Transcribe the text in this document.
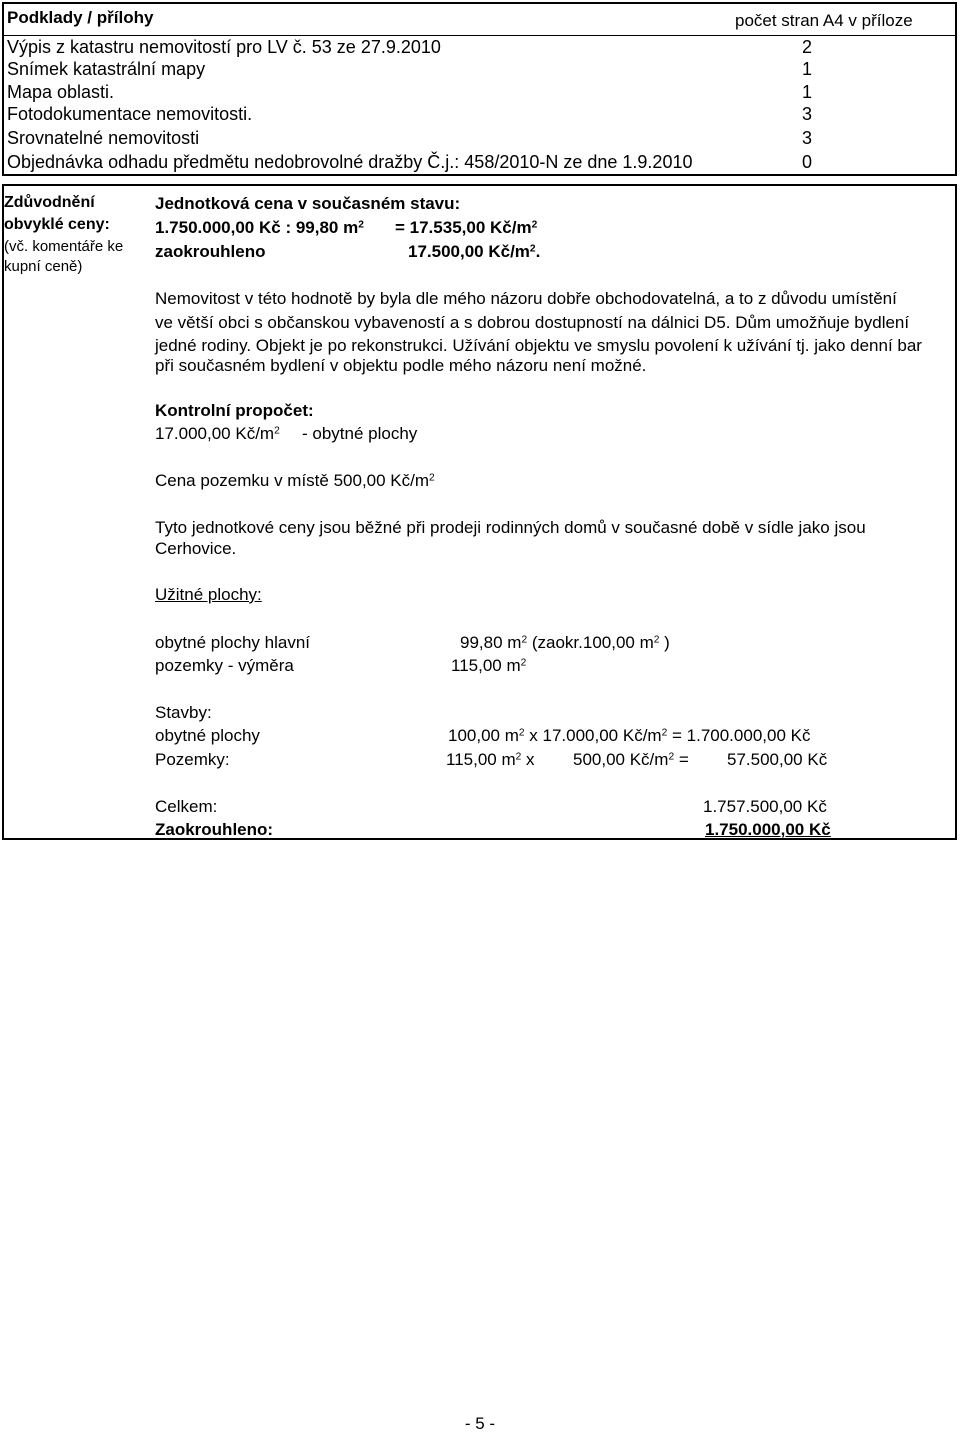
Podklady / přílohy	počet stran A4 v příloze
Výpis z katastru nemovitostí pro LV č. 53 ze 27.9.2010	2
Snímek katastrální mapy	1
Mapa oblasti.	1
Fotodokumentace nemovitosti.	3
Srovnatelné nemovitosti	3
Objednávka odhadu předmětu nedobrovolné dražby Č.j.: 458/2010-N ze dne 1.9.2010	0
Zdůvodnění
obvyklé ceny:
(vč. komentáře ke
kupní ceně)
Jednotková cena v současném stavu:
1.750.000,00 Kč : 99,80 $m^2 = 17.535,00$ $Kč/m^2$
zaokrouhleno	17.500,00 $Kč/m^2$.
Nemovitost v této hodnotě by byla dle mého názoru dobře obchodovatelná, a to z důvodu umístění
ve větší obci s občanskou vybaveností a s dobrou dostupností na dálnici D5. Dům umožňuje bydlení
jedné rodiny. Objekt je po rekonstrukci. Užívání objektu ve smyslu povolení k užívání tj. jako denní bar
při současném bydlení v objektu podle mého názoru není možné.
Kontrolní propočet:
17.000,00 $Kč/m^2$ - obytné plochy
Cena pozemku v místě 500,00 $Kč/m^2$
Tyto jednotkové ceny jsou běžné při prodeji rodinných domů v současné době v sídle jako jsou
Cerhovice.
Užitné plochy:
obytné plochy hlavní	99,80 $m^2$ (zaokr.100,00 $m^2$ )
pozemky - výměra	115,00 $m^2$
Stavby:
obytné plochy	100,00 $m^2$ x 17.000,00 $Kč/m^2 = 1.700.000,00$ Kč
Pozemky:	115,00 $m^2$ x 500,00 $Kč/m^2 = 57.500,00$ Kč
Celkem:	1.757.500,00 Kč
Zaokrouhleno:	1.750.000,00 Kč
- 5 -
